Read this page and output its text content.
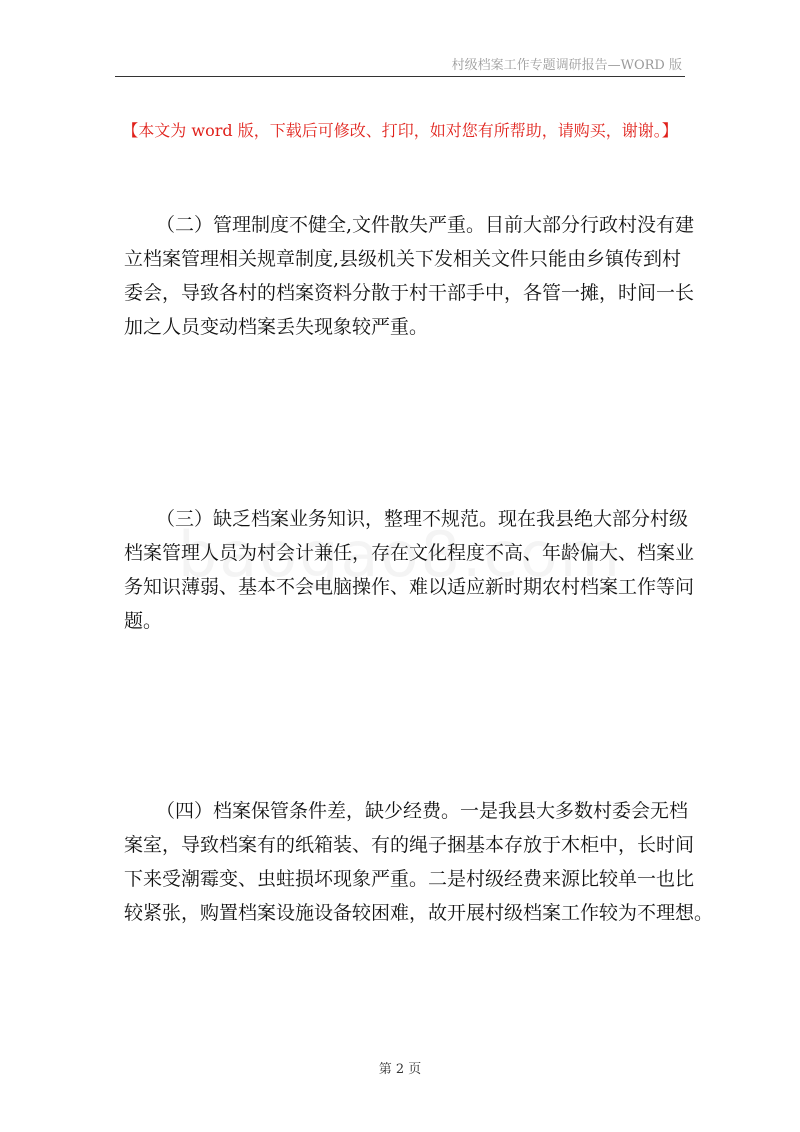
村级档案工作专题调研报告—WORD 版
【本文为 word 版，下载后可修改、打印，如对您有所帮助，请购买，谢谢。】
（二）管理制度不健全,文件散失严重。目前大部分行政村没有建
立档案管理相关规章制度,县级机关下发相关文件只能由乡镇传到村
委会，导致各村的档案资料分散于村干部手中，各管一摊，时间一长
加之人员变动档案丢失现象较严重。
（三）缺乏档案业务知识，整理不规范。现在我县绝大部分村级
档案管理人员为村会计兼任，存在文化程度不高、年龄偏大、档案业
务知识薄弱、基本不会电脑操作、难以适应新时期农村档案工作等问
题。
（四）档案保管条件差，缺少经费。一是我县大多数村委会无档
案室，导致档案有的纸箱装、有的绳子捆基本存放于木柜中，长时间
下来受潮霉变、虫蛀损坏现象严重。二是村级经费来源比较单一也比
较紧张，购置档案设施设备较困难，故开展村级档案工作较为不理想。
第 2 页
